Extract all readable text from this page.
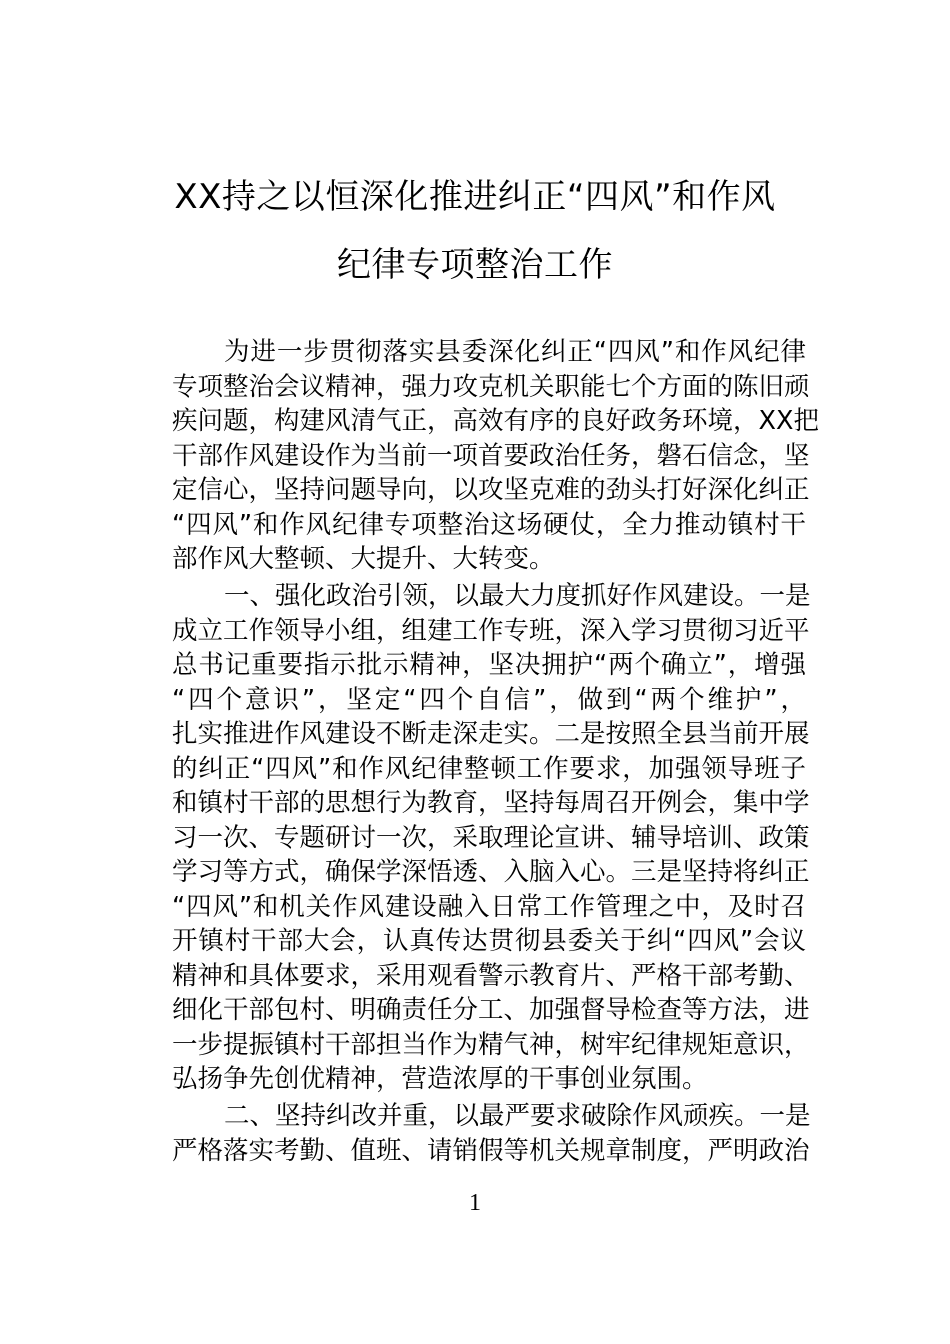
XX持之以恒深化推进纠正“四风”和作风
纪律专项整治工作
为进一步贯彻落实县委深化纠正“四风”和作风纪律
专项整治会议精神，强力攻克机关职能七个方面的陈旧顽
疾问题，构建风清气正，高效有序的良好政务环境，XX把
干部作风建设作为当前一项首要政治任务，磐石信念，坚
定信心，坚持问题导向，以攻坚克难的劲头打好深化纠正
“四风”和作风纪律专项整治这场硬仗，全力推动镇村干
部作风大整顿、大提升、大转变。
一、强化政治引领，以最大力度抓好作风建设。一是
成立工作领导小组，组建工作专班，深入学习贯彻习近平
总书记重要指示批示精神，坚决拥护“两个确立”，增强
“四个意识”，坚定“四个自信”，做到“两个维护”，
扎实推进作风建设不断走深走实。二是按照全县当前开展
的纠正“四风”和作风纪律整顿工作要求，加强领导班子
和镇村干部的思想行为教育，坚持每周召开例会，集中学
习一次、专题研讨一次，采取理论宣讲、辅导培训、政策
学习等方式，确保学深悟透、入脑入心。三是坚持将纠正
“四风”和机关作风建设融入日常工作管理之中，及时召
开镇村干部大会，认真传达贯彻县委关于纠“四风”会议
精神和具体要求，采用观看警示教育片、严格干部考勤、
细化干部包村、明确责任分工、加强督导检查等方法，进
一步提振镇村干部担当作为精气神，树牢纪律规矩意识，
弘扬争先创优精神，营造浓厚的干事创业氛围。
二、坚持纠改并重，以最严要求破除作风顽疾。一是
严格落实考勤、值班、请销假等机关规章制度，严明政治
1
